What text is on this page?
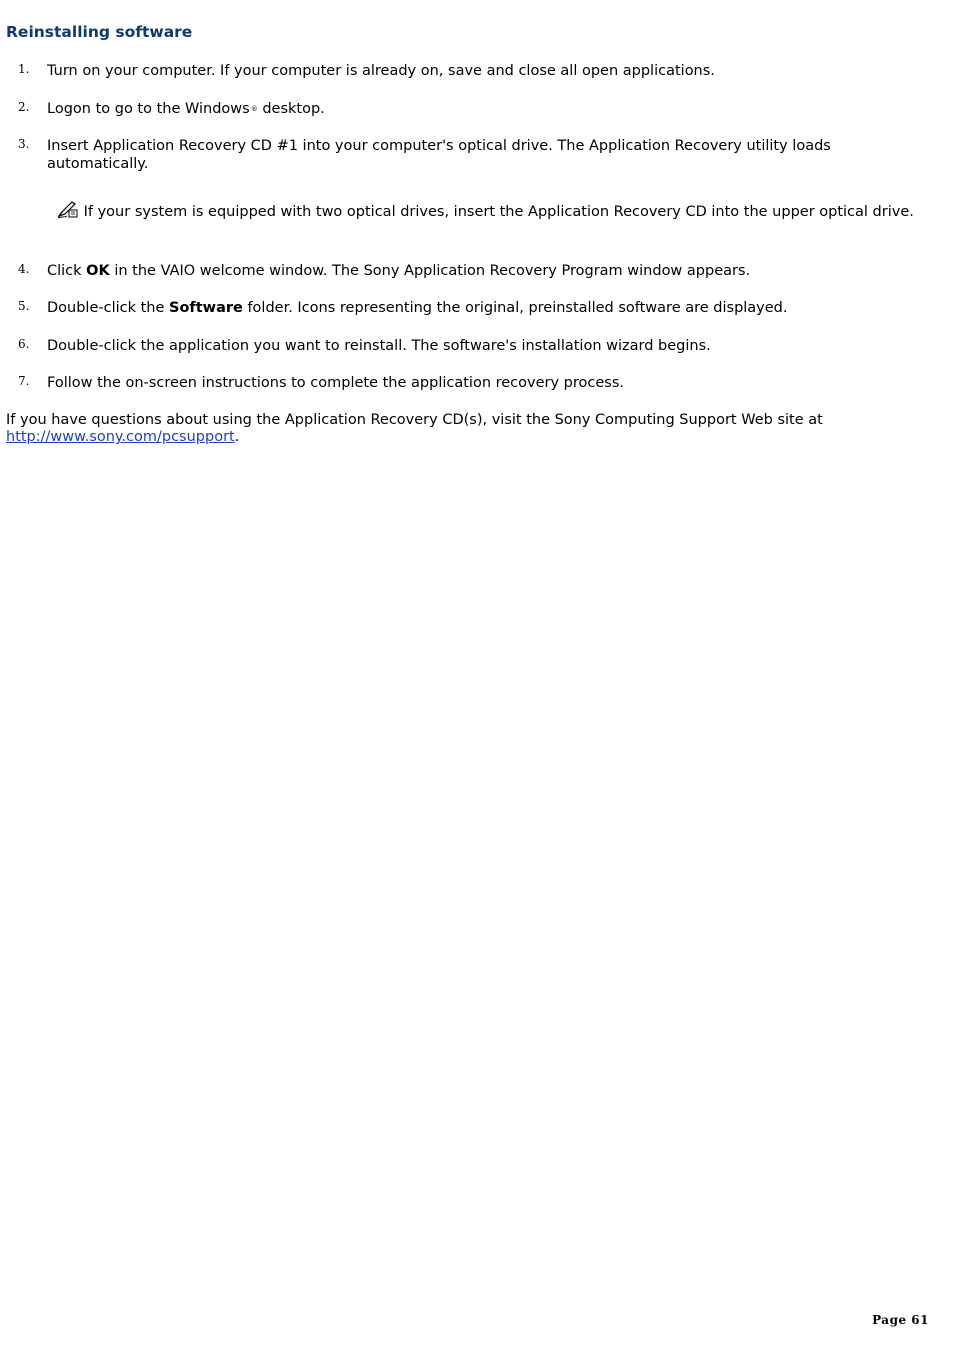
Reinstalling software
1. Turn on your computer. If your computer is already on, save and close all open applications.
2. Logon to go to the Windows® desktop.
3. Insert Application Recovery CD #1 into your computer's optical drive. The Application Recovery utility loads automatically.
If your system is equipped with two optical drives, insert the Application Recovery CD into the upper optical drive.
4. Click OK in the VAIO welcome window. The Sony Application Recovery Program window appears.
5. Double-click the Software folder. Icons representing the original, preinstalled software are displayed.
6. Double-click the application you want to reinstall. The software's installation wizard begins.
7. Follow the on-screen instructions to complete the application recovery process.

If you have questions about using the Application Recovery CD(s), visit the Sony Computing Support Web site at http://www.sony.com/pcsupport.

Page 61
